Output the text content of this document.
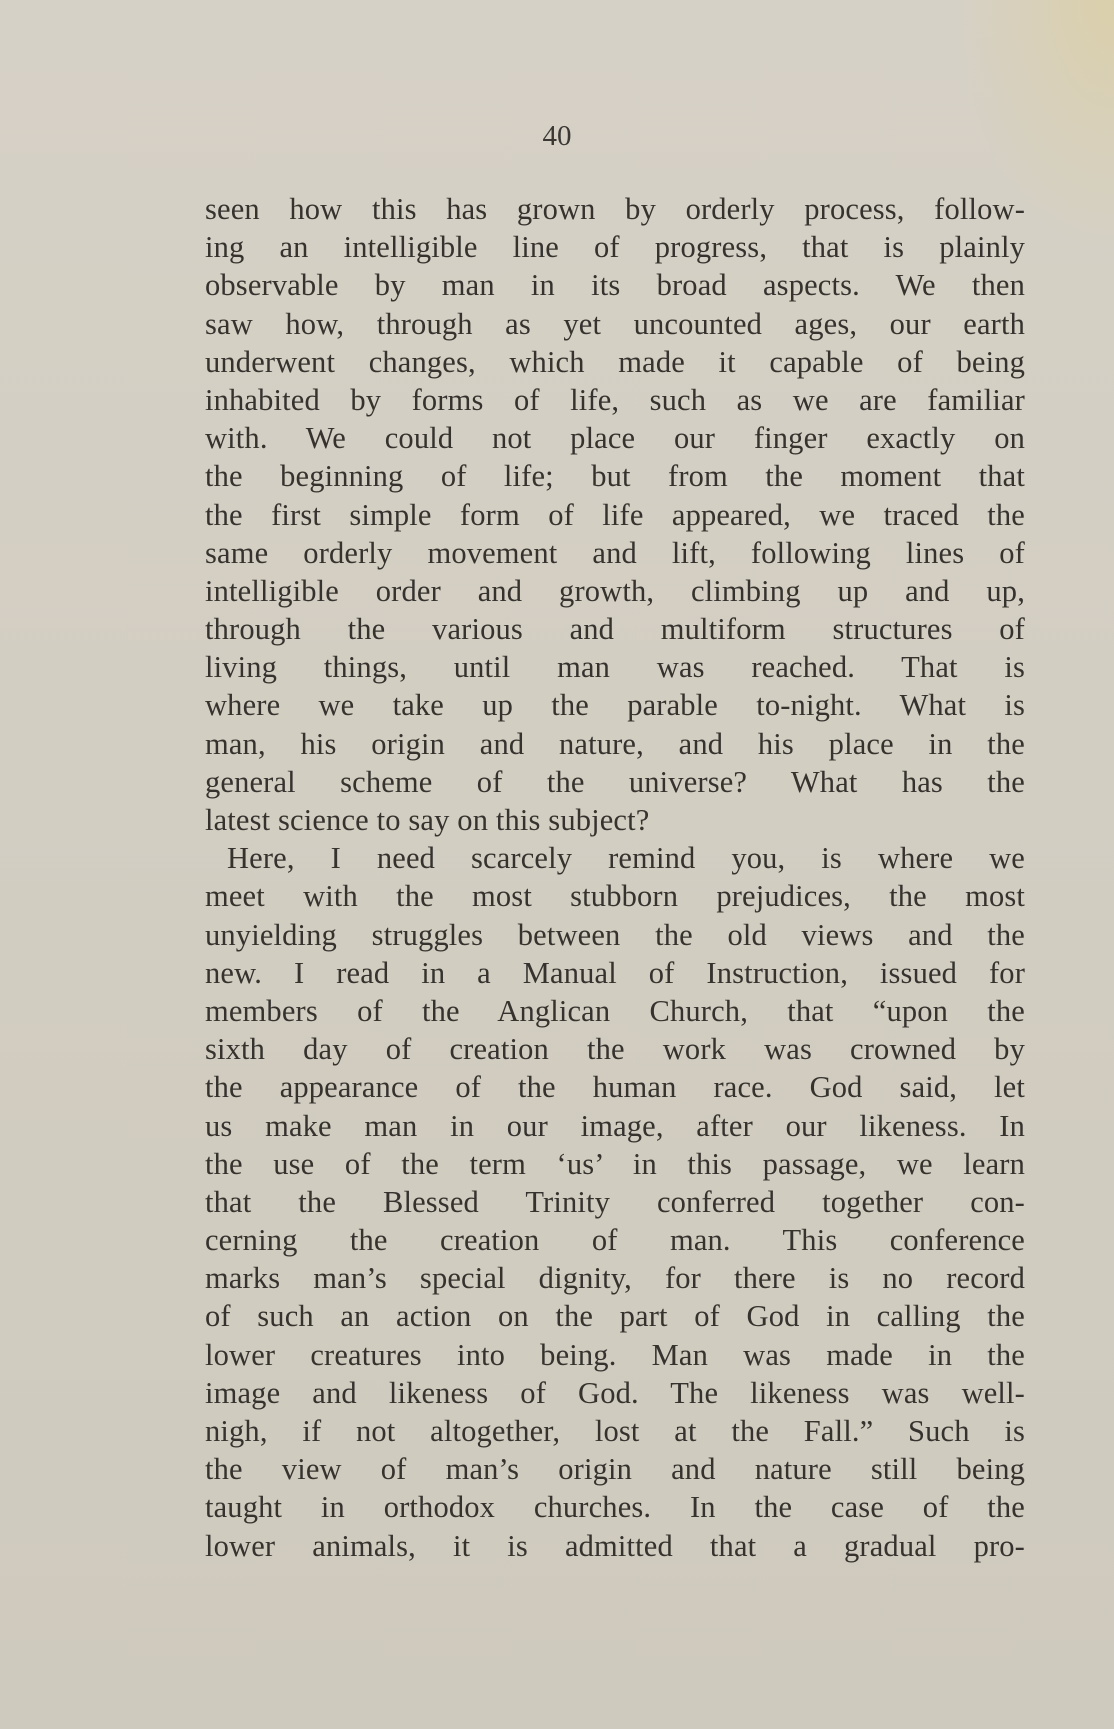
40
seen how this has grown by orderly process, follow-
ing an intelligible line of progress, that is plainly
observable by man in its broad aspects. We then
saw how, through as yet uncounted ages, our earth
underwent changes, which made it capable of being
inhabited by forms of life, such as we are familiar
with. We could not place our finger exactly on
the beginning of life; but from the moment that
the first simple form of life appeared, we traced the
same orderly movement and lift, following lines of
intelligible order and growth, climbing up and up,
through the various and multiform structures of
living things, until man was reached. That is
where we take up the parable to-night. What is
man, his origin and nature, and his place in the
general scheme of the universe? What has the
latest science to say on this subject?
Here, I need scarcely remind you, is where we
meet with the most stubborn prejudices, the most
unyielding struggles between the old views and the
new. I read in a Manual of Instruction, issued for
members of the Anglican Church, that “upon the
sixth day of creation the work was crowned by
the appearance of the human race. God said, let
us make man in our image, after our likeness. In
the use of the term ‘us’ in this passage, we learn
that the Blessed Trinity conferred together con-
cerning the creation of man. This conference
marks man’s special dignity, for there is no record
of such an action on the part of God in calling the
lower creatures into being. Man was made in the
image and likeness of God. The likeness was well-
nigh, if not altogether, lost at the Fall.” Such is
the view of man’s origin and nature still being
taught in orthodox churches. In the case of the
lower animals, it is admitted that a gradual pro-
